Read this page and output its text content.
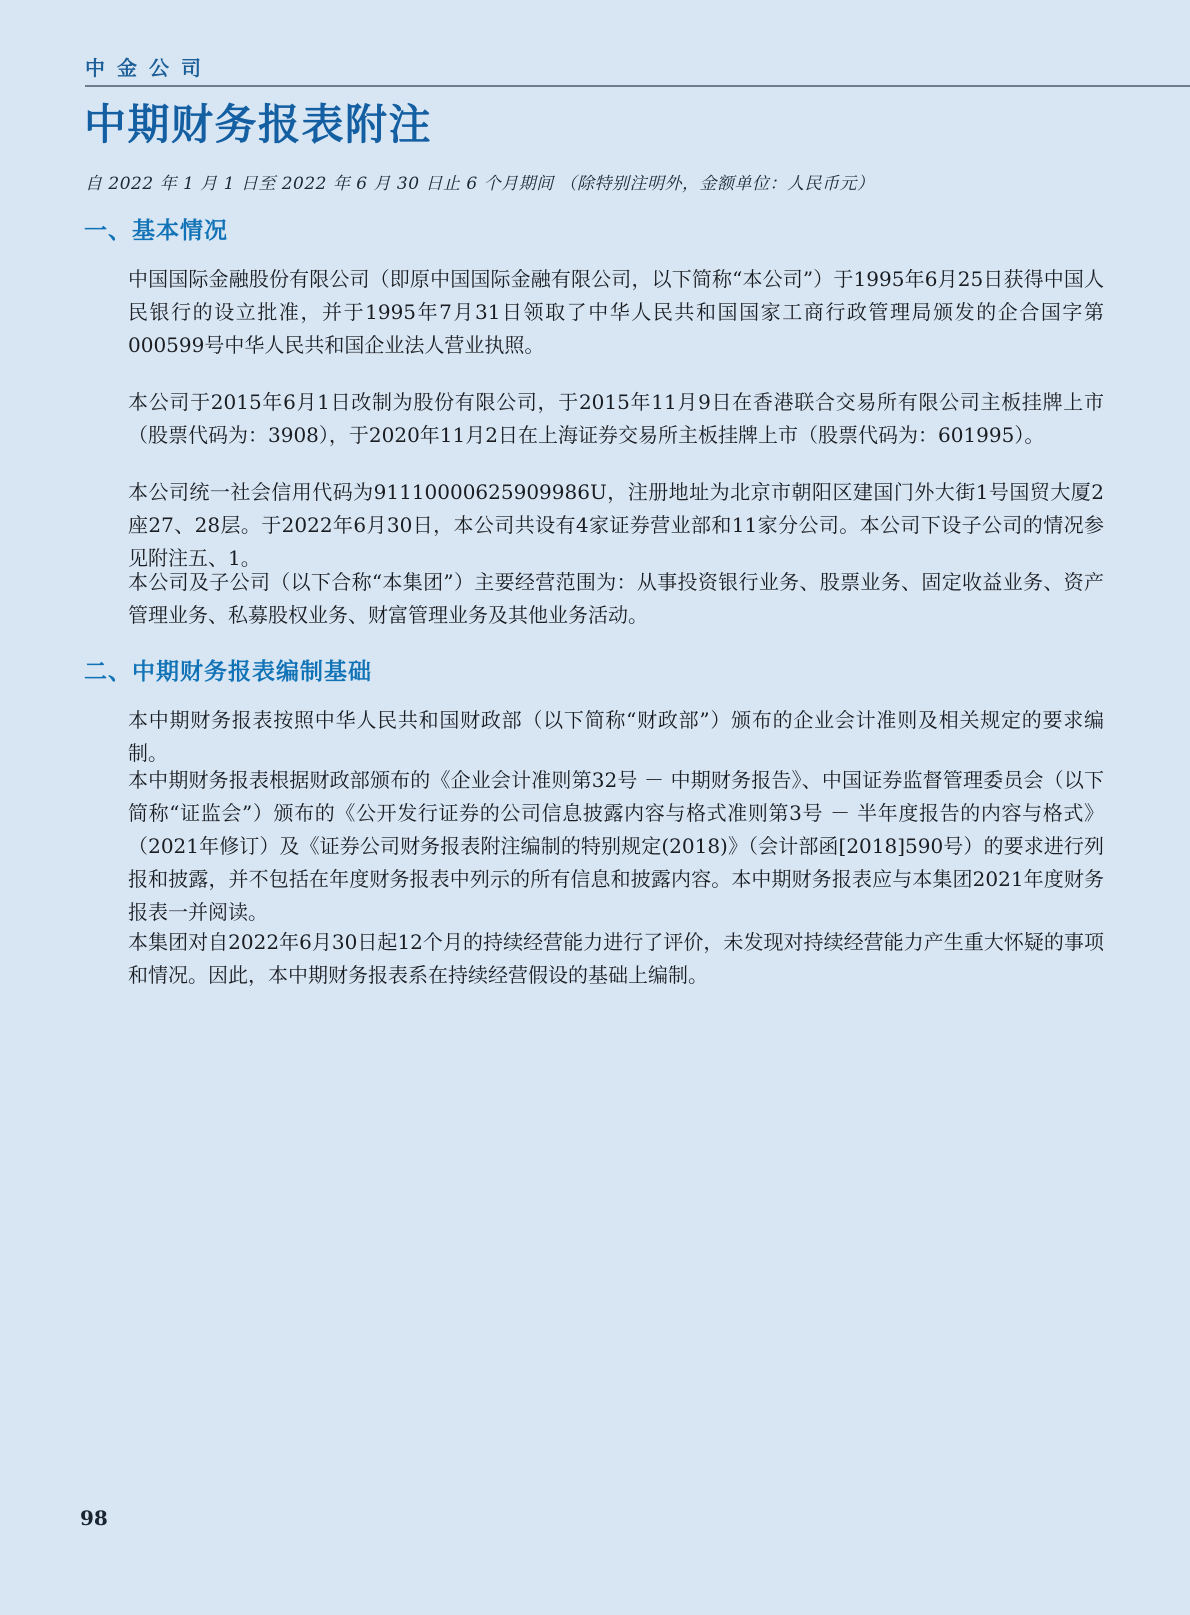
中金公司
中期财务报表附注
自 2022 年 1 月 1 日至 2022 年 6 月 30 日止 6 个月期间 （除特别注明外，金额单位：人民币元）
一、基本情况

中国国际金融股份有限公司（即原中国国际金融有限公司，以下简称“本公司”）于1995年6月25日获得中国人民银行的设立批准，并于1995年7月31日领取了中华人民共和国国家工商行政管理局颁发的企合国字第000599号中华人民共和国企业法人营业执照。

本公司于2015年6月1日改制为股份有限公司，于2015年11月9日在香港联合交易所有限公司主板挂牌上市（股票代码为：3908），于2020年11月2日在上海证券交易所主板挂牌上市（股票代码为：601995）。

本公司统一社会信用代码为91110000625909986U，注册地址为北京市朝阳区建国门外大街1号国贸大厦2座27、28层。于2022年6月30日，本公司共设有4家证券营业部和11家分公司。本公司下设子公司的情况参见附注五、1。

本公司及子公司（以下合称“本集团”）主要经营范围为：从事投资银行业务、股票业务、固定收益业务、资产管理业务、私募股权业务、财富管理业务及其他业务活动。

二、中期财务报表编制基础

本中期财务报表按照中华人民共和国财政部（以下简称“财政部”）颁布的企业会计准则及相关规定的要求编制。

本中期财务报表根据财政部颁布的《企业会计准则第32号 － 中期财务报告》、中国证券监督管理委员会（以下简称“证监会”）颁布的《公开发行证券的公司信息披露内容与格式准则第3号 － 半年度报告的内容与格式》（2021年修订）及《证券公司财务报表附注编制的特别规定(2018)》（会计部函[2018]590号）的要求进行列报和披露，并不包括在年度财务报表中列示的所有信息和披露内容。本中期财务报表应与本集团2021年度财务报表一并阅读。

本集团对自2022年6月30日起12个月的持续经营能力进行了评价，未发现对持续经营能力产生重大怀疑的事项和情况。因此，本中期财务报表系在持续经营假设的基础上编制。

98
